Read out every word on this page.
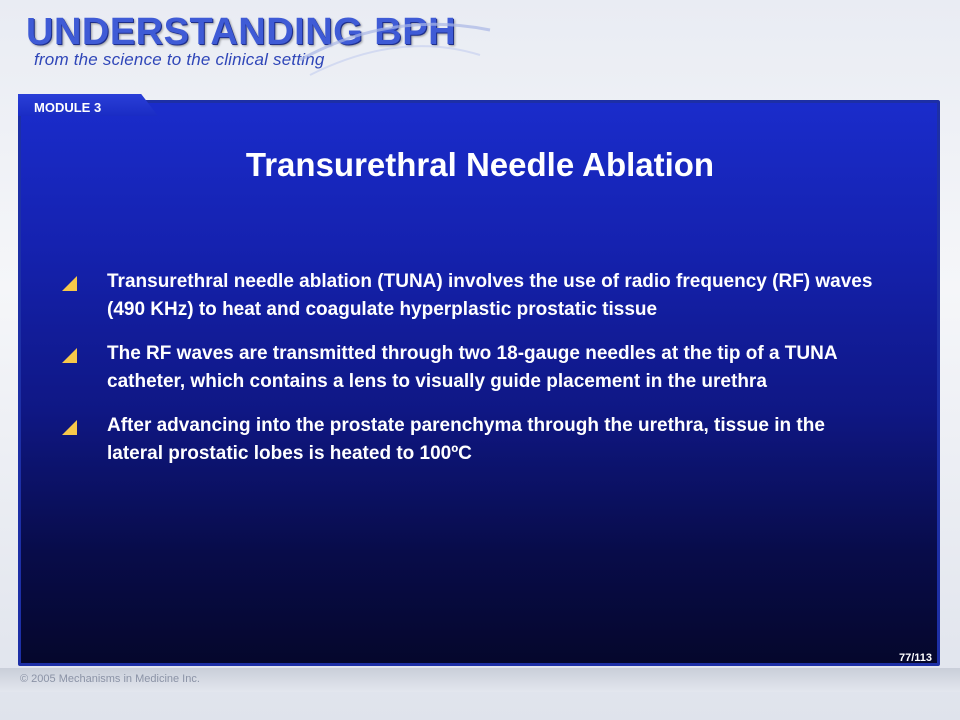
UNDERSTANDING BPH
from the science to the clinical setting
MODULE 3
Transurethral Needle Ablation
Transurethral needle ablation (TUNA) involves the use of radio frequency (RF) waves (490 KHz) to heat and coagulate hyperplastic prostatic tissue
The RF waves are transmitted through two 18-gauge needles at the tip of a TUNA catheter, which contains a lens to visually guide placement in the urethra
After advancing into the prostate parenchyma through the urethra, tissue in the lateral prostatic lobes is heated to 100ºC
77/113
© 2005 Mechanisms in Medicine Inc.
